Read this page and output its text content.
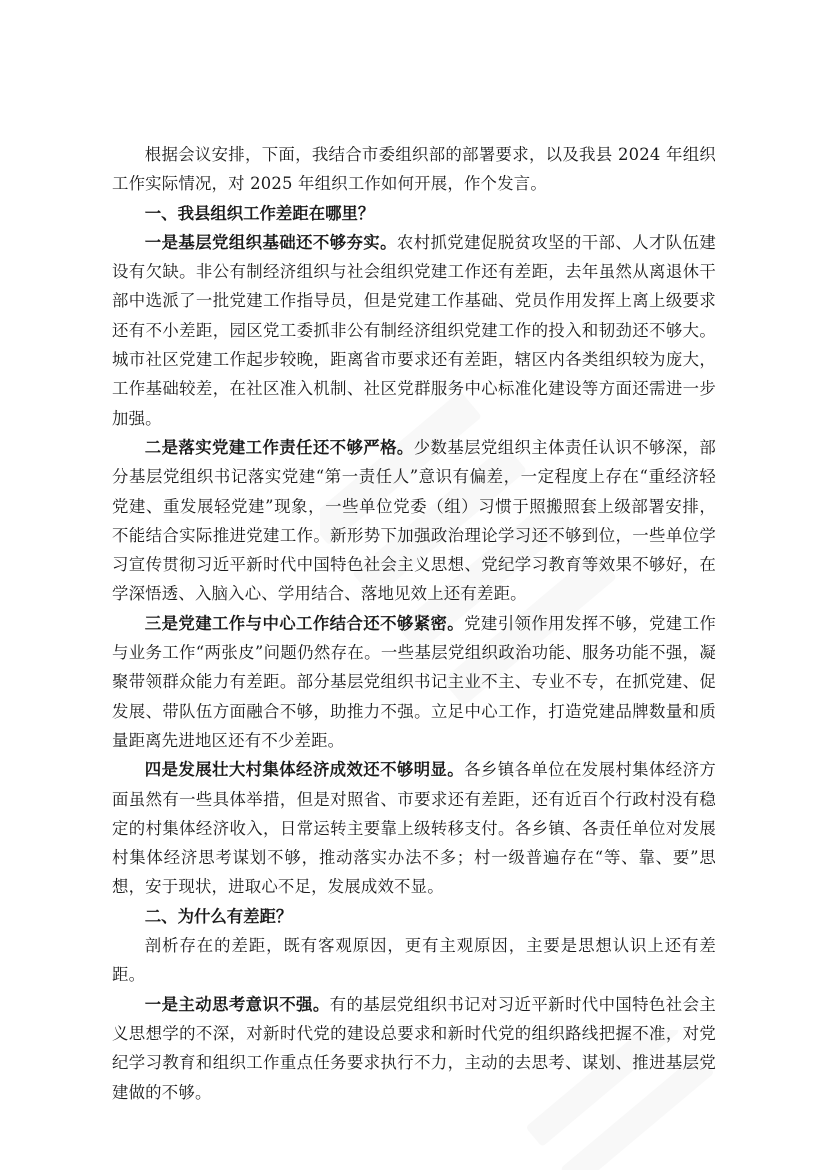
根据会议安排，下面，我结合市委组织部的部署要求，以及我县 2024 年组织工作实际情况，对 2025 年组织工作如何开展，作个发言。

一、我县组织工作差距在哪里？

一是基层党组织基础还不够夯实。农村抓党建促脱贫攻坚的干部、人才队伍建设有欠缺。非公有制经济组织与社会组织党建工作还有差距，去年虽然从离退休干部中选派了一批党建工作指导员，但是党建工作基础、党员作用发挥上离上级要求还有不小差距，园区党工委抓非公有制经济组织党建工作的投入和韧劲还不够大。城市社区党建工作起步较晚，距离省市要求还有差距，辖区内各类组织较为庞大，工作基础较差，在社区准入机制、社区党群服务中心标准化建设等方面还需进一步加强。

二是落实党建工作责任还不够严格。少数基层党组织主体责任认识不够深，部分基层党组织书记落实党建“第一责任人”意识有偏差，一定程度上存在“重经济轻党建、重发展轻党建”现象，一些单位党委（组）习惯于照搬照套上级部署安排，不能结合实际推进党建工作。新形势下加强政治理论学习还不够到位，一些单位学习宣传贯彻习近平新时代中国特色社会主义思想、党纪学习教育等效果不够好，在学深悟透、入脑入心、学用结合、落地见效上还有差距。

三是党建工作与中心工作结合还不够紧密。党建引领作用发挥不够，党建工作与业务工作“两张皮”问题仍然存在。一些基层党组织政治功能、服务功能不强，凝聚带领群众能力有差距。部分基层党组织书记主业不主、专业不专，在抓党建、促发展、带队伍方面融合不够，助推力不强。立足中心工作，打造党建品牌数量和质量距离先进地区还有不少差距。

四是发展壮大村集体经济成效还不够明显。各乡镇各单位在发展村集体经济方面虽然有一些具体举措，但是对照省、市要求还有差距，还有近百个行政村没有稳定的村集体经济收入，日常运转主要靠上级转移支付。各乡镇、各责任单位对发展村集体经济思考谋划不够，推动落实办法不多；村一级普遍存在“等、靠、要”思想，安于现状，进取心不足，发展成效不显。

二、为什么有差距？

剖析存在的差距，既有客观原因，更有主观原因，主要是思想认识上还有差距。

一是主动思考意识不强。有的基层党组织书记对习近平新时代中国特色社会主义思想学的不深，对新时代党的建设总要求和新时代党的组织路线把握不准，对党纪学习教育和组织工作重点任务要求执行不力，主动的去思考、谋划、推进基层党建做的不够。
